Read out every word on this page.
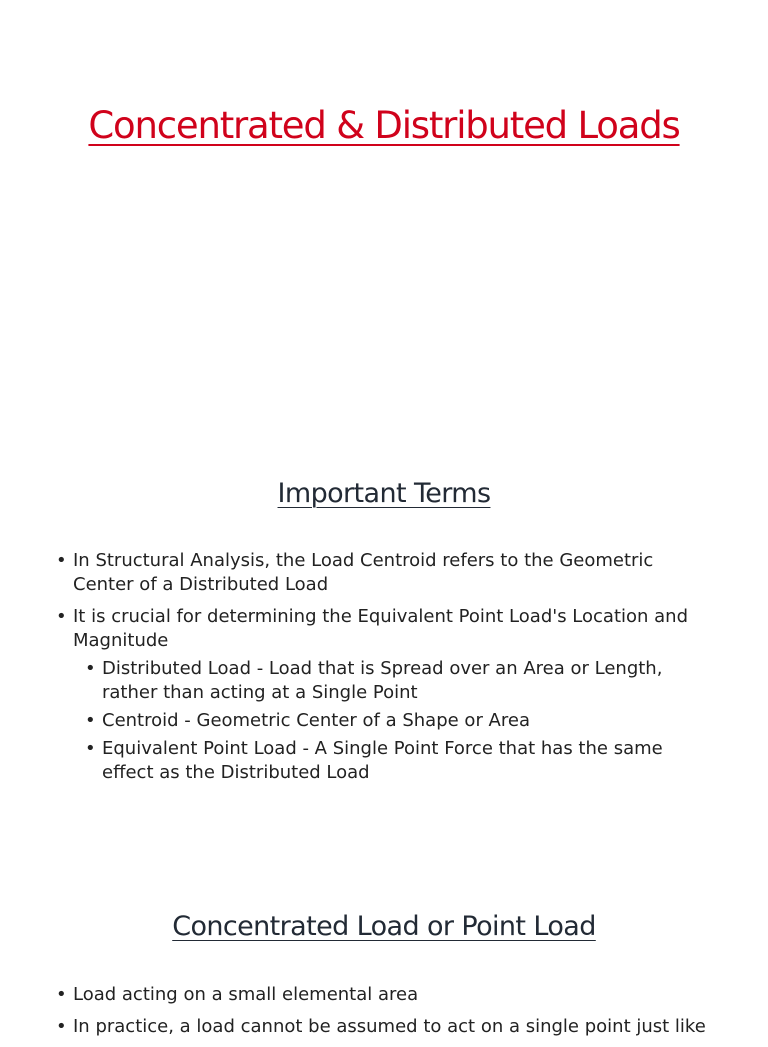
Concentrated & Distributed Loads
Important Terms
• In Structural Analysis, the Load Centroid refers to the Geometric Center of a Distributed Load
• It is crucial for determining the Equivalent Point Load's Location and Magnitude
• Distributed Load - Load that is Spread over an Area or Length, rather than acting at a Single Point
• Centroid - Geometric Center of a Shape or Area
• Equivalent Point Load - A Single Point Force that has the same effect as the Distributed Load
Concentrated Load or Point Load
• Load acting on a small elemental area
• In practice, a load cannot be assumed to act on a single point just like
